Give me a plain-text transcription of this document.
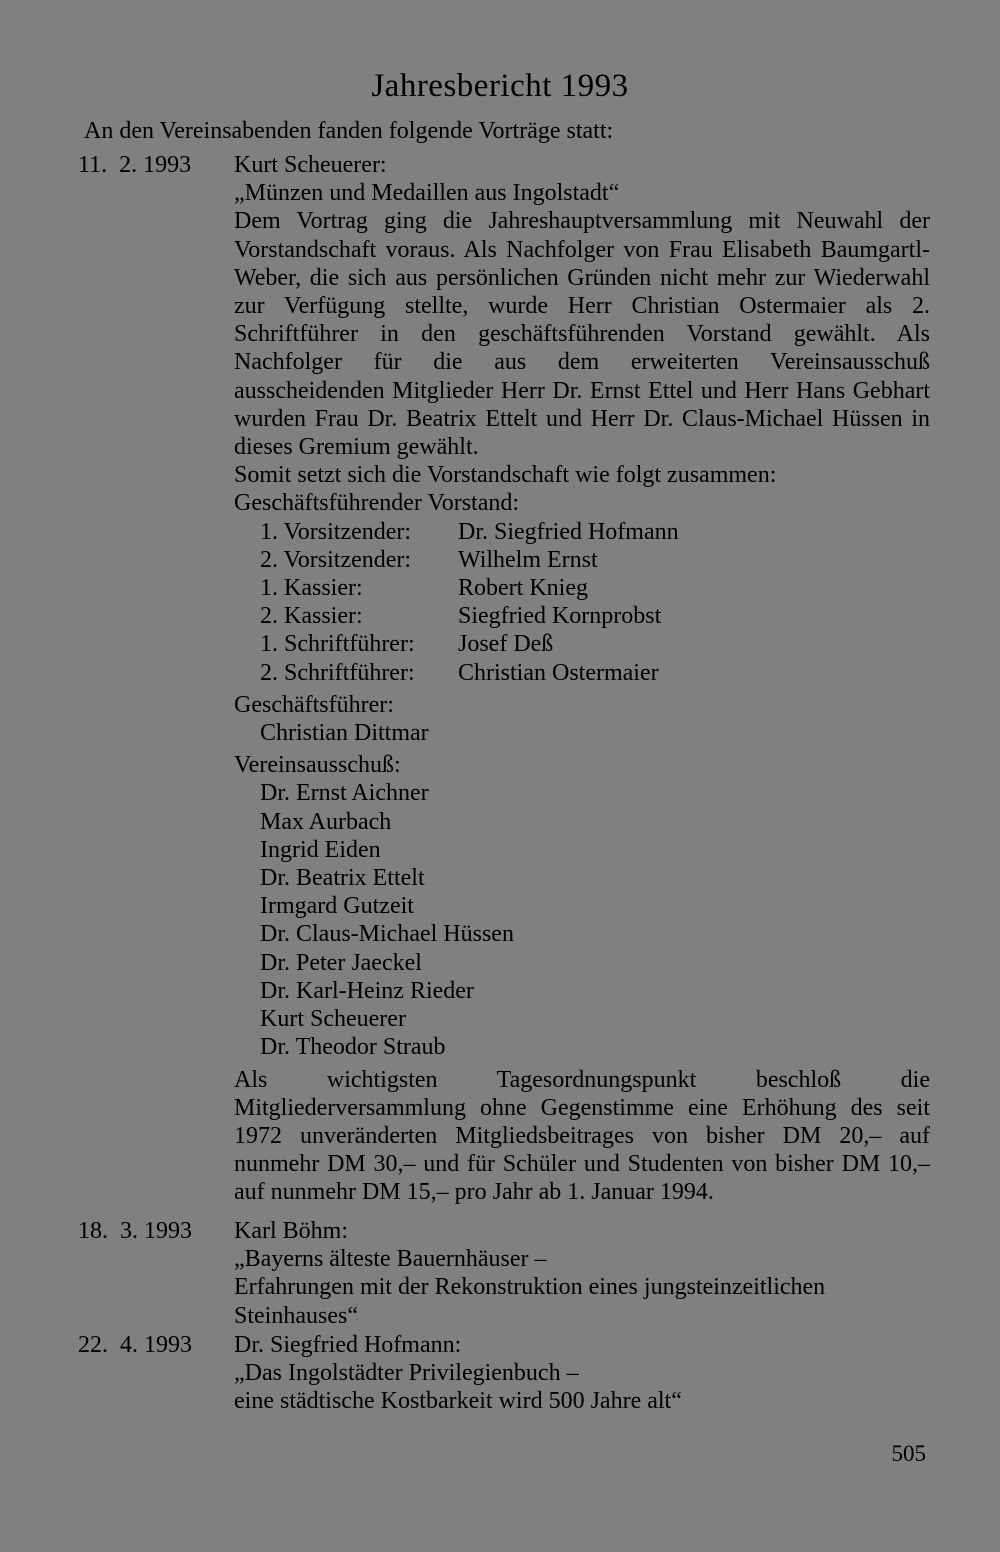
Jahresbericht 1993
An den Vereinsabenden fanden folgende Vorträge statt:
11.  2. 1993	Kurt Scheuerer:

„Münzen und Medaillen aus Ingolstadt“

Dem Vortrag ging die Jahreshauptversammlung mit Neuwahl der Vorstandschaft voraus. Als Nachfolger von Frau Elisabeth Baumgartl-Weber, die sich aus persönlichen Gründen nicht mehr zur Wiederwahl zur Verfügung stellte, wurde Herr Christian Ostermaier als 2. Schriftführer in den geschäftsführenden Vorstand gewählt. Als Nachfolger für die aus dem erweiterten Vereinsausschuß ausscheidenden Mitglieder Herr Dr. Ernst Ettel und Herr Hans Gebhart wurden Frau Dr. Beatrix Ettelt und Herr Dr. Claus-Michael Hüssen in dieses Gremium gewählt.

Somit setzt sich die Vorstandschaft wie folgt zusammen:

Geschäftsführender Vorstand:

1. Vorsitzender:	Dr. Siegfried Hofmann
2. Vorsitzender:	Wilhelm Ernst
1. Kassier:	Robert Knieg
2. Kassier:	Siegfried Kornprobst
1. Schriftführer:	Josef Deß
2. Schriftführer:	Christian Ostermaier

Geschäftsführer:

Christian Dittmar

Vereinsausschuß:

Dr. Ernst Aichner

Max Aurbach

Ingrid Eiden

Dr. Beatrix Ettelt

Irmgard Gutzeit

Dr. Claus-Michael Hüssen

Dr. Peter Jaeckel

Dr. Karl-Heinz Rieder

Kurt Scheuerer

Dr. Theodor Straub

Als wichtigsten Tagesordnungspunkt beschloß die Mitgliederversammlung ohne Gegenstimme eine Erhöhung des seit 1972 unveränderten Mitgliedsbeitrages von bisher DM 20,– auf nunmehr DM 30,– und für Schüler und Studenten von bisher DM 10,– auf nunmehr DM 15,– pro Jahr ab 1. Januar 1994.

18.  3. 1993	Karl Böhm:

„Bayerns älteste Bauernhäuser –

Erfahrungen mit der Rekonstruktion eines jungsteinzeitlichen Steinhauses“

22.  4. 1993	Dr. Siegfried Hofmann:

„Das Ingolstädter Privilegienbuch –

eine städtische Kostbarkeit wird 500 Jahre alt“

505
